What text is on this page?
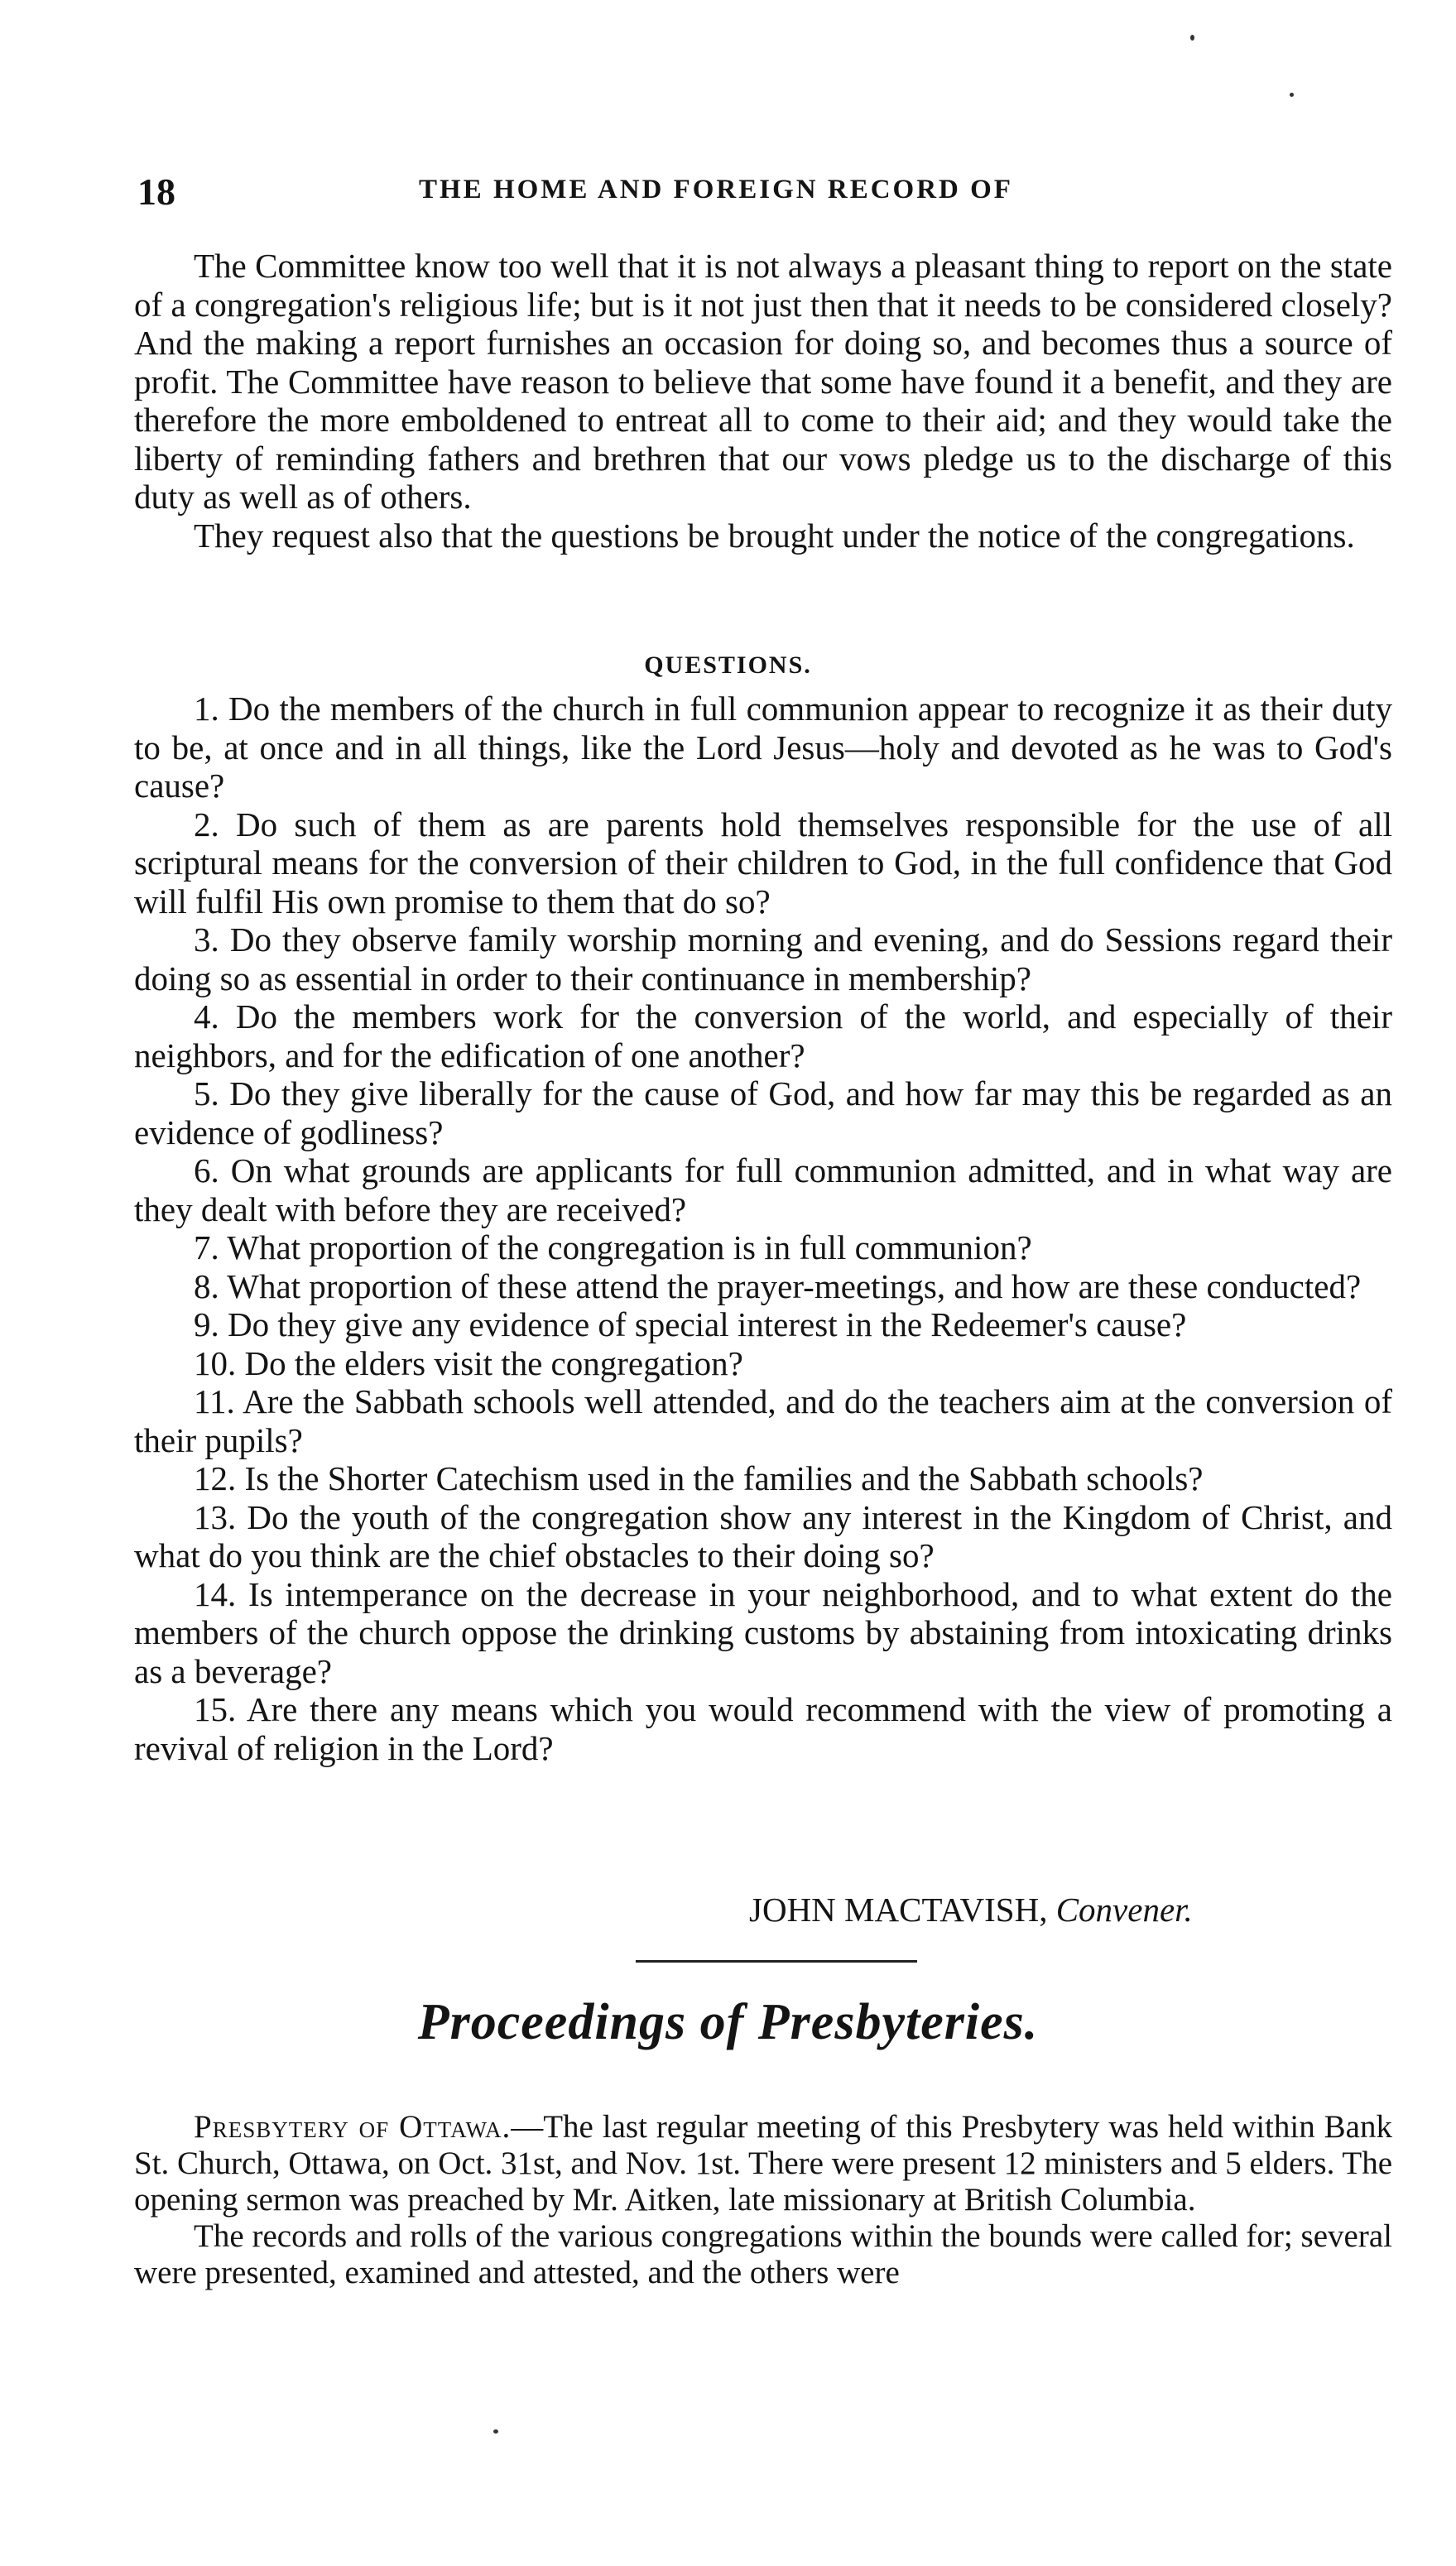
18	THE HOME AND FOREIGN RECORD OF

The Committee know too well that it is not always a pleasant thing to report on the state of a congregation's religious life; but is it not just then that it needs to be considered closely? And the making a report furnishes an occasion for doing so, and becomes thus a source of profit. The Committee have reason to believe that some have found it a benefit, and they are therefore the more emboldened to entreat all to come to their aid; and they would take the liberty of reminding fathers and brethren that our vows pledge us to the discharge of this duty as well as of others.

They request also that the questions be brought under the notice of the congregations.

QUESTIONS.

1. Do the members of the church in full communion appear to recognize it as their duty to be, at once and in all things, like the Lord Jesus—holy and devoted as he was to God's cause?

2. Do such of them as are parents hold themselves responsible for the use of all scriptural means for the conversion of their children to God, in the full confidence that God will fulfil His own promise to them that do so?

3. Do they observe family worship morning and evening, and do Sessions regard their doing so as essential in order to their continuance in membership?

4. Do the members work for the conversion of the world, and especially of their neighbors, and for the edification of one another?

5. Do they give liberally for the cause of God, and how far may this be regarded as an evidence of godliness?

6. On what grounds are applicants for full communion admitted, and in what way are they dealt with before they are received?

7. What proportion of the congregation is in full communion?

8. What proportion of these attend the prayer-meetings, and how are these conducted?

9. Do they give any evidence of special interest in the Redeemer's cause?

10. Do the elders visit the congregation?

11. Are the Sabbath schools well attended, and do the teachers aim at the conversion of their pupils?

12. Is the Shorter Catechism used in the families and the Sabbath schools?

13. Do the youth of the congregation show any interest in the Kingdom of Christ, and what do you think are the chief obstacles to their doing so?

14. Is intemperance on the decrease in your neighborhood, and to what extent do the members of the church oppose the drinking customs by abstaining from intoxicating drinks as a beverage?

15. Are there any means which you would recommend with the view of promoting a revival of religion in the Lord?

JOHN MACTAVISH, Convener.
Proceedings of Presbyteries.

Presbytery of Ottawa.—The last regular meeting of this Presbytery was held within Bank St. Church, Ottawa, on Oct. 31st, and Nov. 1st. There were present 12 ministers and 5 elders. The opening sermon was preached by Mr. Aitken, late missionary at British Columbia.

The records and rolls of the various congregations within the bounds were called for; several were presented, examined and attested, and the others were
